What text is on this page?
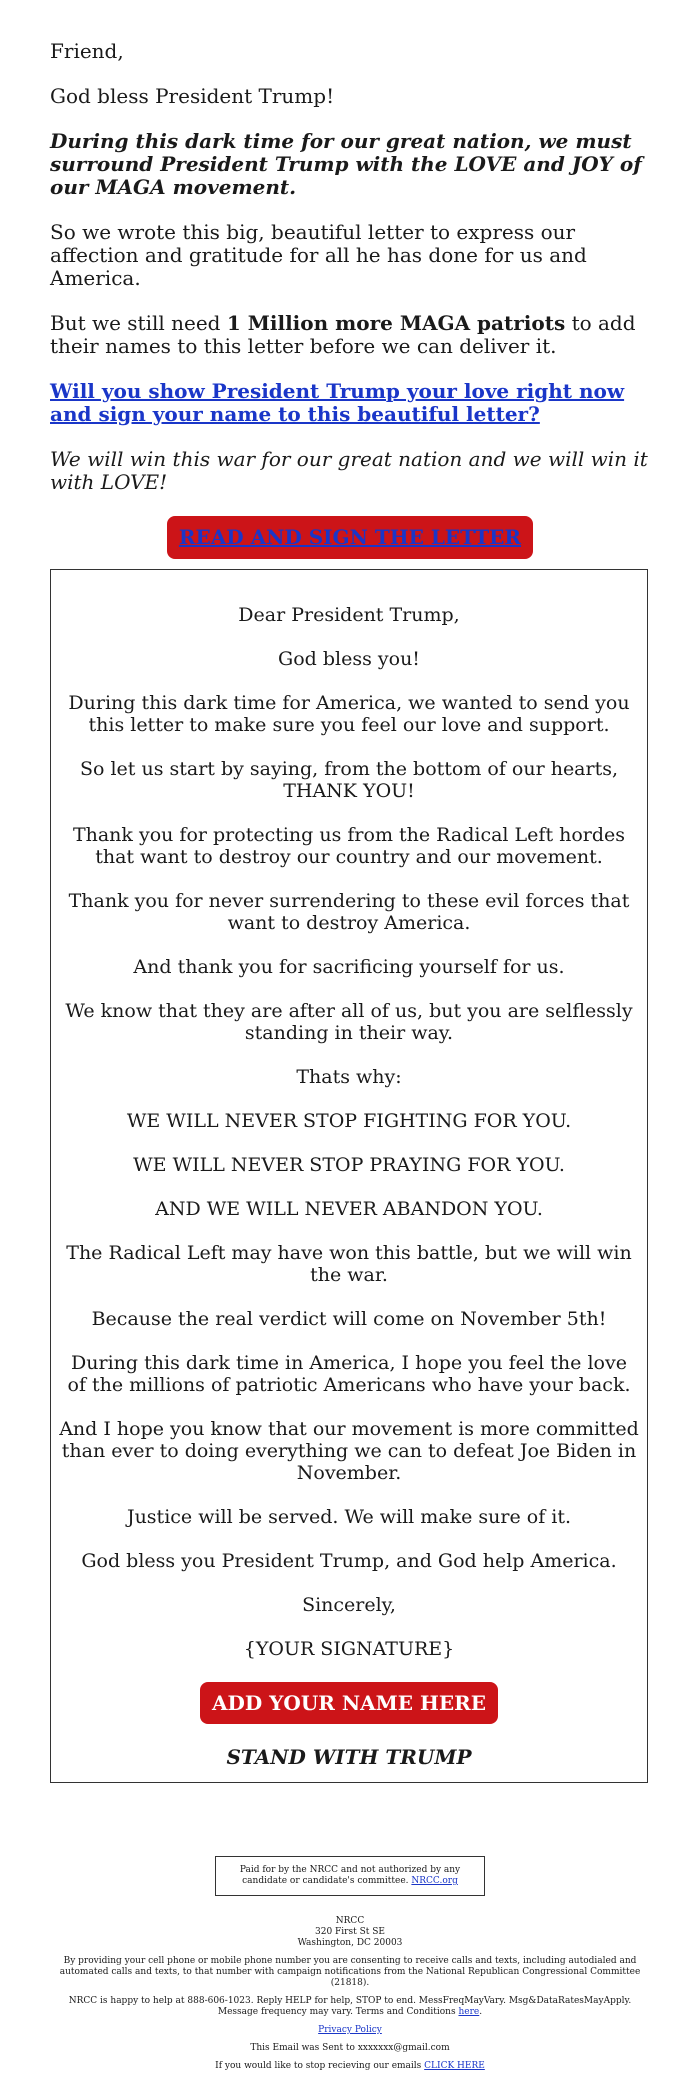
Friend,

God bless President Trump!

During this dark time for our great nation, we must surround President Trump with the LOVE and JOY of our MAGA movement.

So we wrote this big, beautiful letter to express our affection and gratitude for all he has done for us and America.

But we still need 1 Million more MAGA patriots to add their names to this letter before we can deliver it.

Will you show President Trump your love right now and sign your name to this beautiful letter?

We will win this war for our great nation and we will win it with LOVE!

READ AND SIGN THE LETTER

Dear President Trump,

God bless you!

During this dark time for America, we wanted to send you this letter to make sure you feel our love and support.

So let us start by saying, from the bottom of our hearts, THANK YOU!

Thank you for protecting us from the Radical Left hordes that want to destroy our country and our movement.

Thank you for never surrendering to these evil forces that want to destroy America.

And thank you for sacrificing yourself for us.

We know that they are after all of us, but you are selflessly standing in their way.

Thats why:

WE WILL NEVER STOP FIGHTING FOR YOU.

WE WILL NEVER STOP PRAYING FOR YOU.

AND WE WILL NEVER ABANDON YOU.

The Radical Left may have won this battle, but we will win the war.

Because the real verdict will come on November 5th!

During this dark time in America, I hope you feel the love of the millions of patriotic Americans who have your back.

And I hope you know that our movement is more committed than ever to doing everything we can to defeat Joe Biden in November.

Justice will be served. We will make sure of it.

God bless you President Trump, and God help America.

Sincerely,

{YOUR SIGNATURE}

ADD YOUR NAME HERE

STAND WITH TRUMP

Paid for by the NRCC and not authorized by any candidate or candidate's committee. NRCC.org

NRCC

320 First St SE

Washington, DC 20003

By providing your cell phone or mobile phone number you are consenting to receive calls and texts, including autodialed and automated calls and texts, to that number with campaign notifications from the National Republican Congressional Committee (21818).

NRCC is happy to help at 888-606-1023. Reply HELP for help, STOP to end. MessFreqMayVary. Msg&DataRatesMayApply. Message frequency may vary. Terms and Conditions here.

Privacy Policy

This Email was Sent to xxxxxxx@gmail.com

If you would like to stop recieving our emails CLICK HERE
